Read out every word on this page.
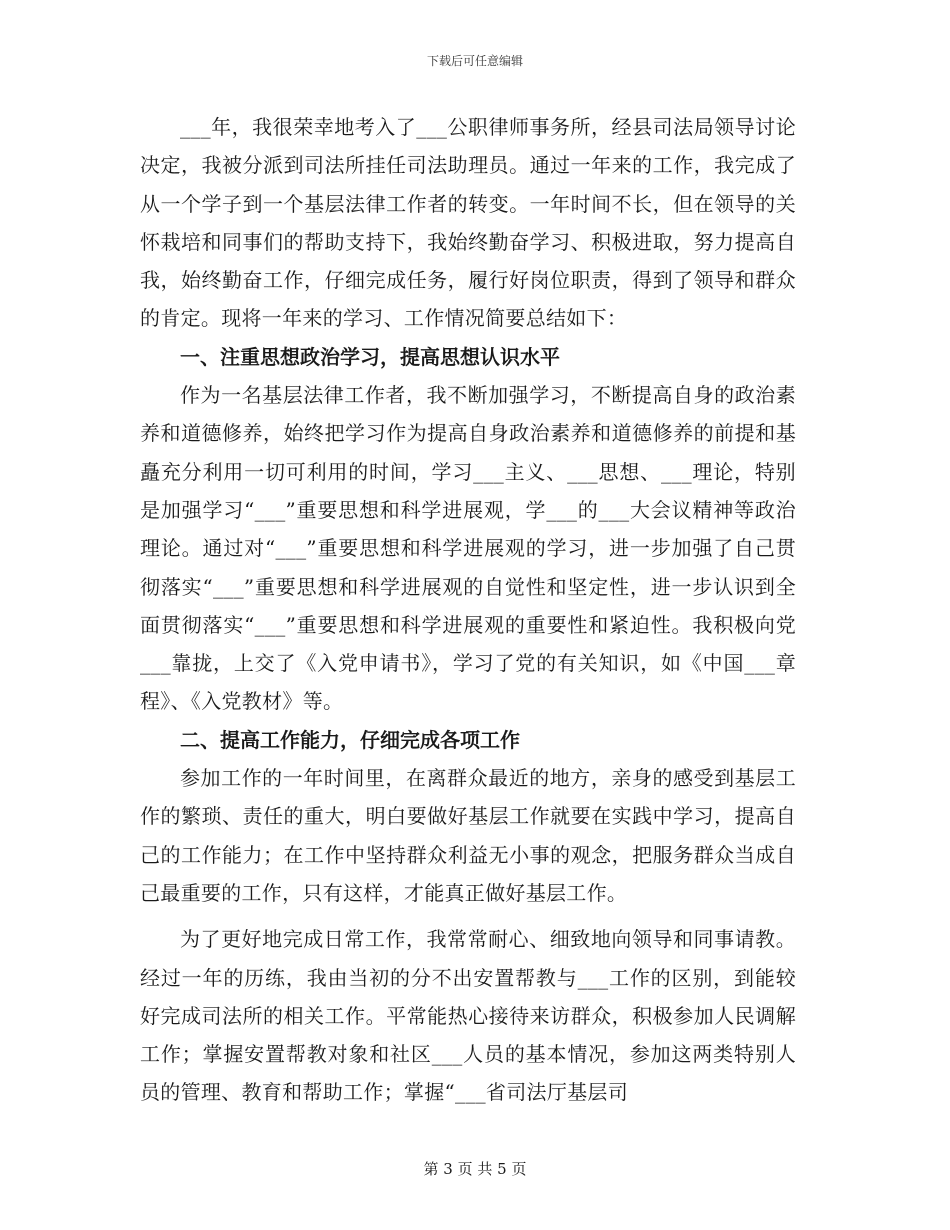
下载后可任意编辑

___年，我很荣幸地考入了___公职律师事务所，经县司法局领导讨论决定，我被分派到司法所挂任司法助理员。通过一年来的工作，我完成了从一个学子到一个基层法律工作者的转变。一年时间不长，但在领导的关怀栽培和同事们的帮助支持下，我始终勤奋学习、积极进取，努力提高自我，始终勤奋工作，仔细完成任务，履行好岗位职责，得到了领导和群众的肯定。现将一年来的学习、工作情况简要总结如下：

一、注重思想政治学习，提高思想认识水平

作为一名基层法律工作者，我不断加强学习，不断提高自身的政治素养和道德修养，始终把学习作为提高自身政治素养和道德修养的前提和基矗充分利用一切可利用的时间，学习___主义、___思想、___理论，特别是加强学习“___”重要思想和科学进展观，学___的___大会议精神等政治理论。通过对“___”重要思想和科学进展观的学习，进一步加强了自己贯彻落实“___”重要思想和科学进展观的自觉性和坚定性，进一步认识到全面贯彻落实“___”重要思想和科学进展观的重要性和紧迫性。我积极向党___靠拢，上交了《入党申请书》，学习了党的有关知识，如《中国___章程》、《入党教材》等。

二、提高工作能力，仔细完成各项工作

参加工作的一年时间里，在离群众最近的地方，亲身的感受到基层工作的繁琐、责任的重大，明白要做好基层工作就要在实践中学习，提高自己的工作能力；在工作中坚持群众利益无小事的观念，把服务群众当成自己最重要的工作，只有这样，才能真正做好基层工作。

为了更好地完成日常工作，我常常耐心、细致地向领导和同事请教。经过一年的历练，我由当初的分不出安置帮教与___工作的区别，到能较好完成司法所的相关工作。平常能热心接待来访群众，积极参加人民调解工作；掌握安置帮教对象和社区___人员的基本情况，参加这两类特别人员的管理、教育和帮助工作；掌握“___省司法厅基层司

第 3 页 共 5 页
